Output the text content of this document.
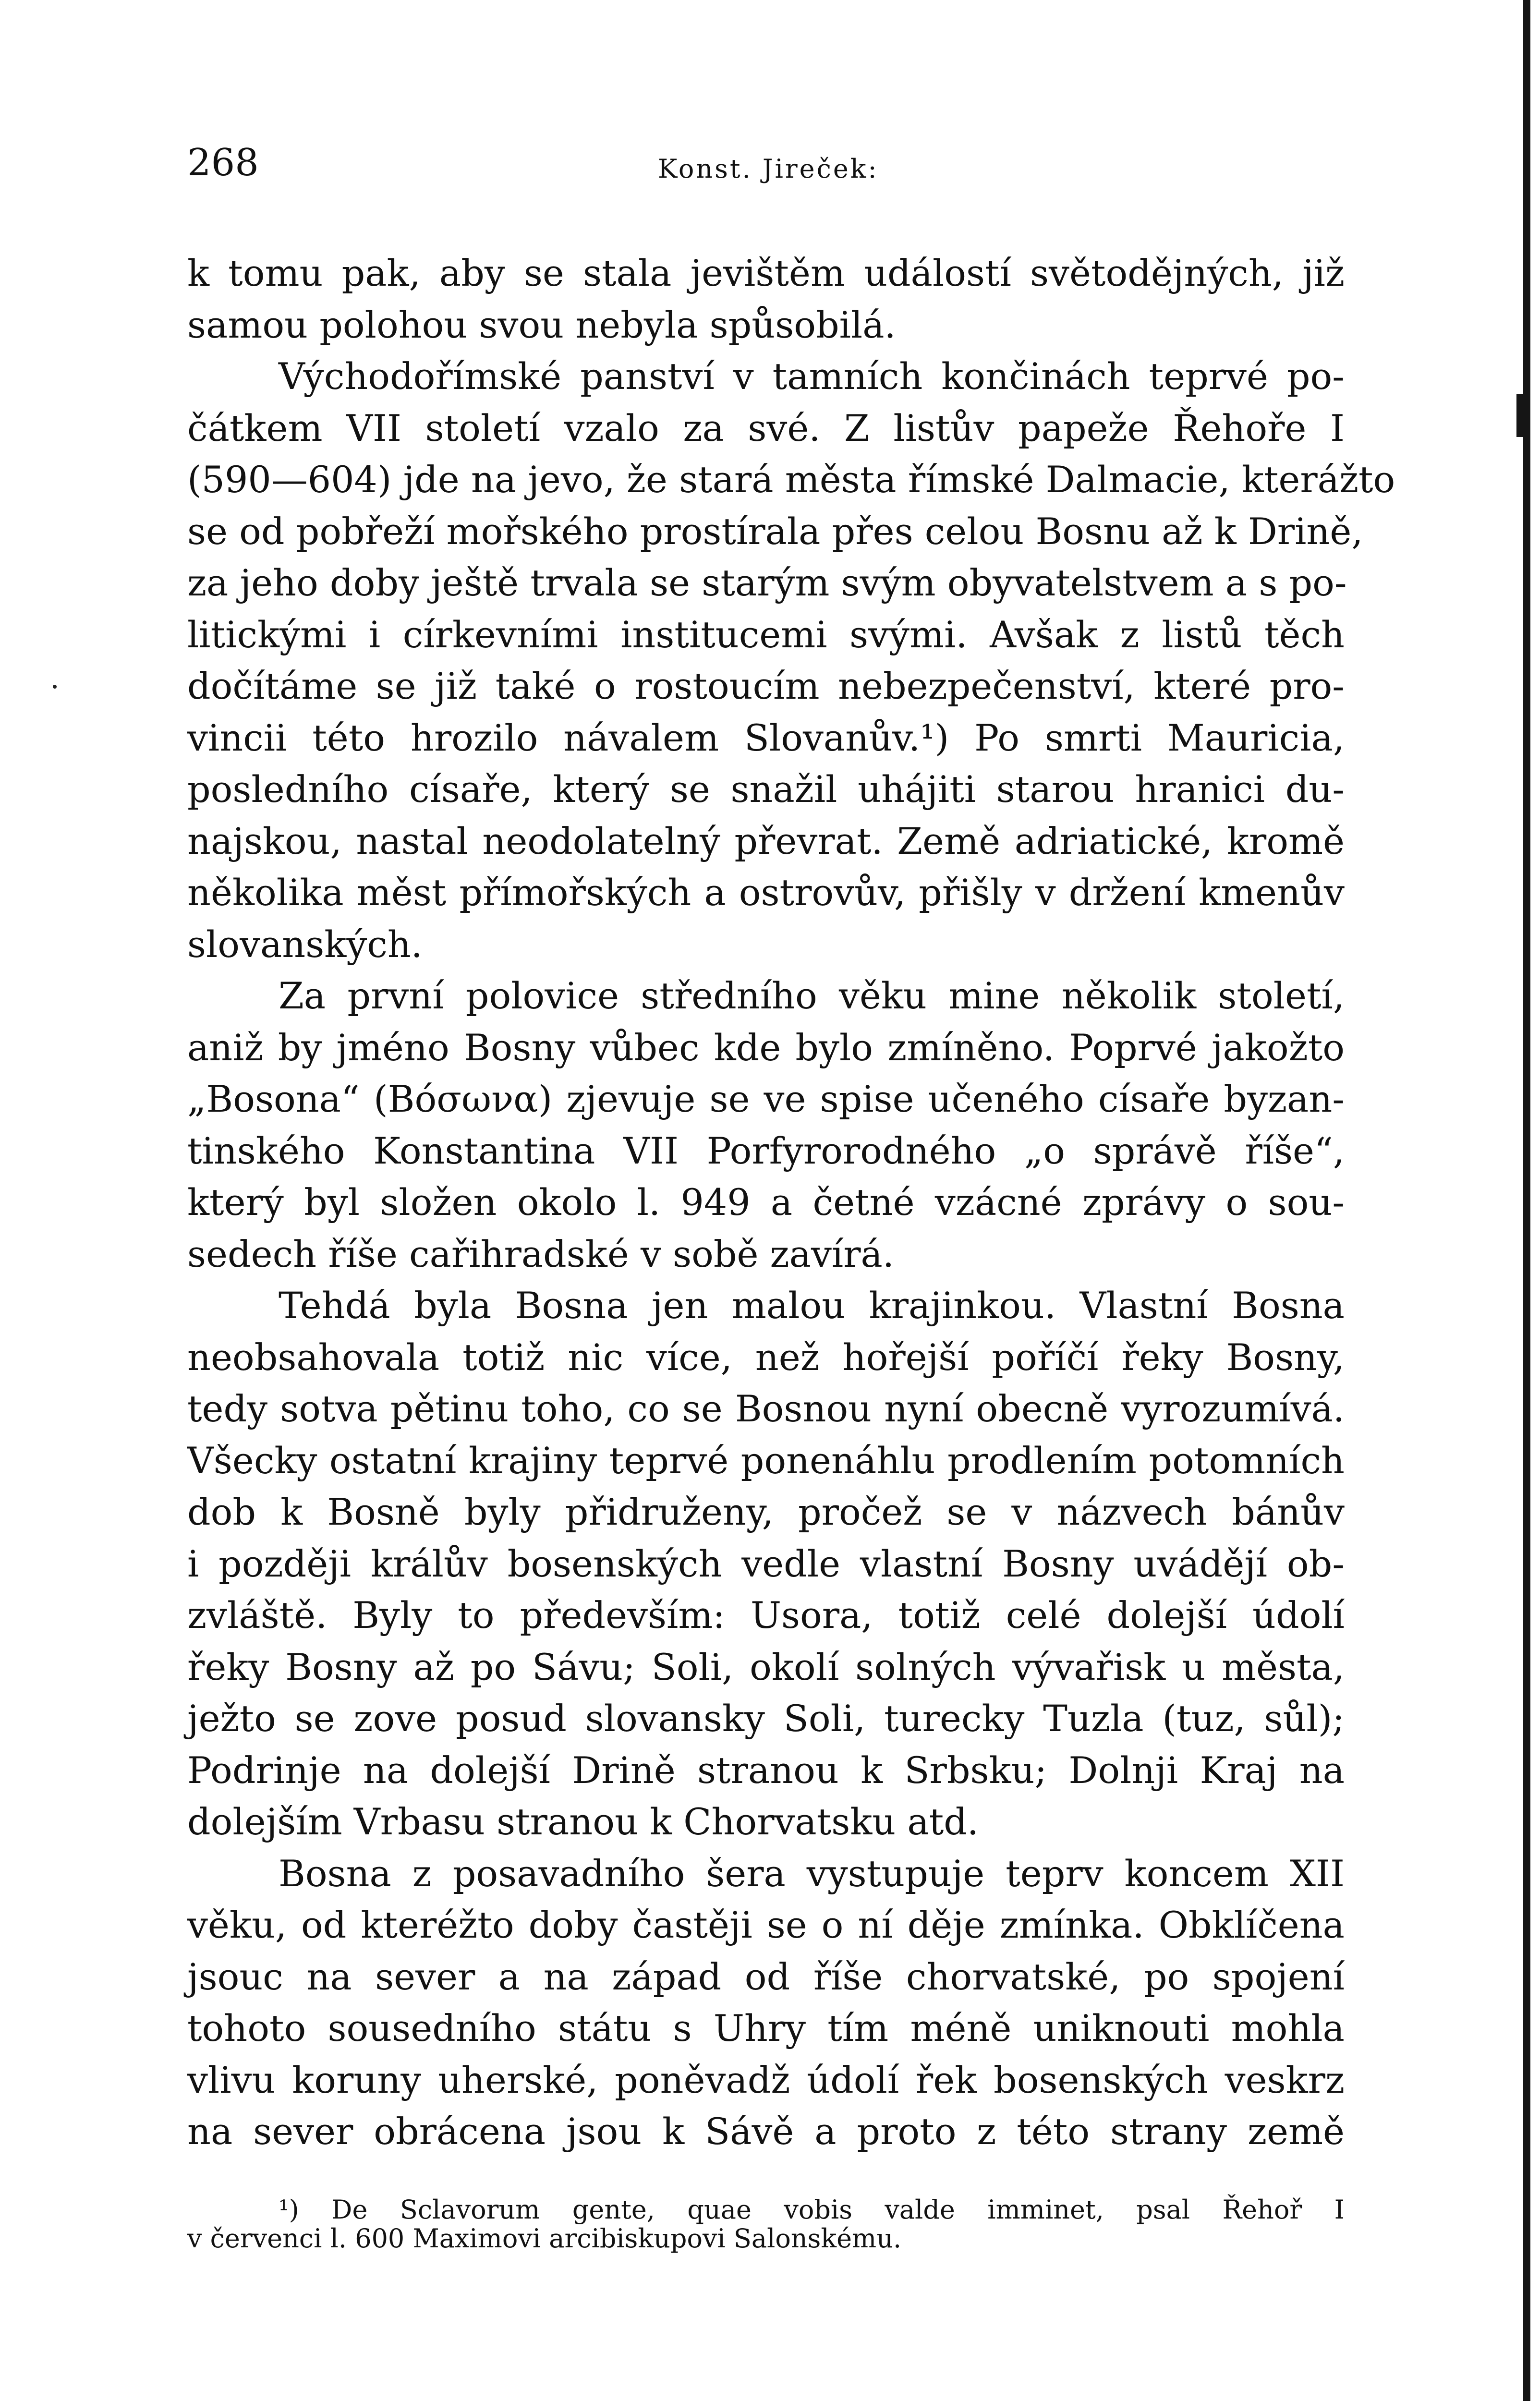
268	Konst. Jireček:
k tomu pak, aby se stala jevištěm událostí světodějných, již
samou polohou svou nebyla spůsobilá.
Východořímské panství v tamních končinách teprvé po-
čátkem VII století vzalo za své. Z listův papeže Řehoře I
(590—604) jde na jevo, že stará města římské Dalmacie, kterážto
se od pobřeží mořského prostírala přes celou Bosnu až k Drině,
za jeho doby ještě trvala se starým svým obyvatelstvem a s po-
litickými i církevními institucemi svými. Avšak z listů těch
dočítáme se již také o rostoucím nebezpečenství, které pro-
vincii této hrozilo návalem Slovanův.¹) Po smrti Mauricia,
posledního císaře, který se snažil uhájiti starou hranici du-
najskou, nastal neodolatelný převrat. Země adriatické, kromě
několika měst přímořských a ostrovův, přišly v držení kmenův
slovanských.
Za první polovice středního věku mine několik století,
aniž by jméno Bosny vůbec kde bylo zmíněno. Poprvé jakožto
„Bosona“ (Βόσωνα) zjevuje se ve spise učeného císaře byzan-
tinského Konstantina VII Porfyrorodného „o správě říše“,
který byl složen okolo l. 949 a četné vzácné zprávy o sou-
sedech říše cařihradské v sobě zavírá.
Tehdá byla Bosna jen malou krajinkou. Vlastní Bosna
neobsahovala totiž nic více, než hořejší poříčí řeky Bosny,
tedy sotva pětinu toho, co se Bosnou nyní obecně vyrozumívá.
Všecky ostatní krajiny teprvé ponenáhlu prodlením potomních
dob k Bosně byly přidruženy, pročež se v názvech bánův
i později králův bosenských vedle vlastní Bosny uvádějí ob-
zvláště. Byly to především: Usora, totiž celé dolejší údolí
řeky Bosny až po Sávu; Soli, okolí solných vývařisk u města,
ježto se zove posud slovansky Soli, turecky Tuzla (tuz, sůl);
Podrinje na dolejší Drině stranou k Srbsku; Dolnji Kraj na
dolejším Vrbasu stranou k Chorvatsku atd.
Bosna z posavadního šera vystupuje teprv koncem XII
věku, od kteréžto doby častěji se o ní děje zmínka. Obklíčena
jsouc na sever a na západ od říše chorvatské, po spojení
tohoto sousedního státu s Uhry tím méně uniknouti mohla
vlivu koruny uherské, poněvadž údolí řek bosenských veskrz
na sever obrácena jsou k Sávě a proto z této strany země
¹) De Sclavorum gente, quae vobis valde imminet, psal Řehoř I
v červenci l. 600 Maximovi arcibiskupovi Salonskému.
